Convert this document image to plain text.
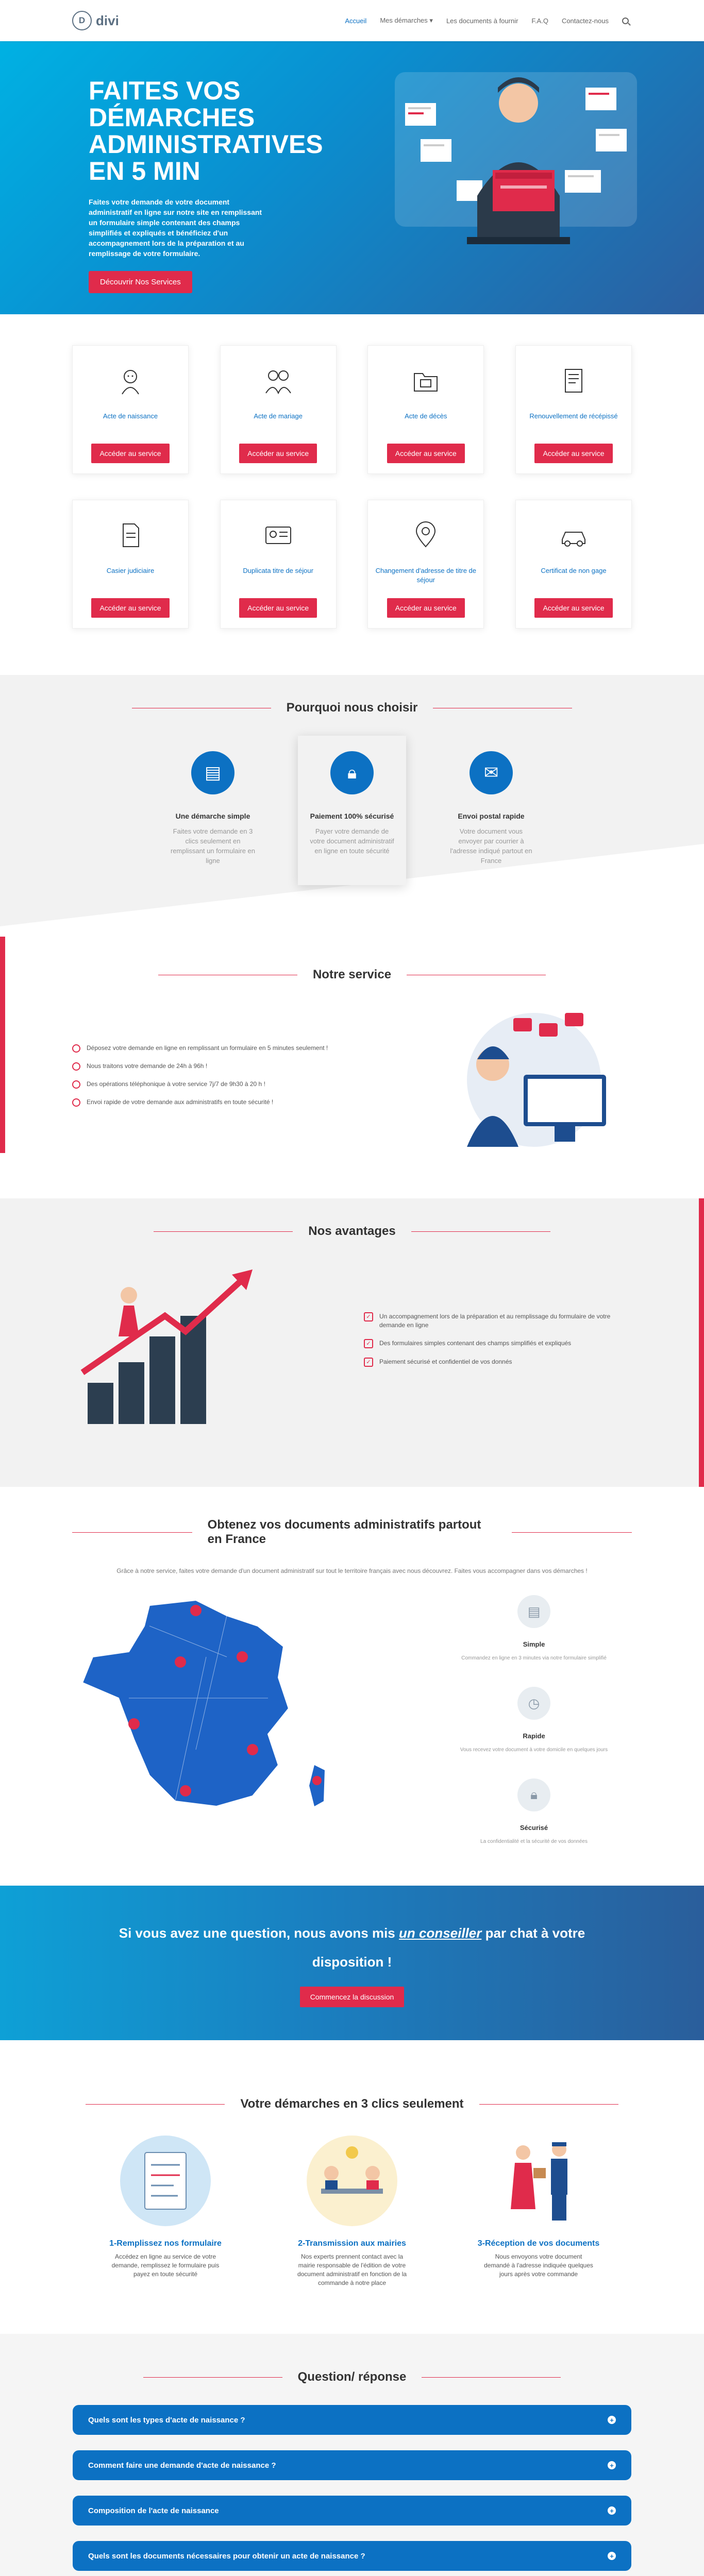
D divi	Accueil Mes démarches ▾ Les documents à fournir F.A.Q Contactez-nous
FAITES VOS DÉMARCHES ADMINISTRATIVES EN 5 MIN

Faites votre demande de votre document administratif en ligne sur notre site en remplissant un formulaire simple contenant des champs simplifiés et expliqués et bénéficiez d'un accompagnement lors de la préparation et au remplissage de votre formulaire.

Découvrir Nos Services
Acte de naissance
Accéder au service
Acte de mariage
Accéder au service
Acte de décès
Accéder au service
Renouvellement de récépissé
Accéder au service
Casier judiciaire
Accéder au service
Duplicata titre de séjour
Accéder au service
Changement d'adresse de titre de séjour
Accéder au service
Certificat de non gage
Accéder au service
Pourquoi nous choisir
▤
Une démarche simple

Faites votre demande en 3 clics seulement en remplissant un formulaire en ligne

🔒︎
Paiement 100% sécurisé

Payer votre demande de votre document administratif en ligne en toute sécurité

✉
Envoi postal rapide

Votre document vous envoyer par courrier à l'adresse indiqué partout en France

Notre service
Déposez votre demande en ligne en remplissant un formulaire en 5 minutes seulement !
Nous traitons votre demande de 24h à 96h !
Des opérations téléphonique à votre service 7j/7 de 9h30 à 20 h !
Envoi rapide de votre demande aux administratifs en toute sécurité !
Nos avantages
✓	Un accompagnement lors de la préparation et au remplissage du formulaire de votre demande en ligne
✓	Des formulaires simples contenant des champs simplifiés et expliqués
✓	Paiement sécurisé et confidentiel de vos donnés
Obtenez vos documents administratifs partout en France

Grâce à notre service, faites votre demande d'un document administratif sur tout le territoire français avec nous découvrez. Faites vous accompagner dans vos démarches !

▤
Simple

Commandez en ligne en 3 minutes via notre formulaire simplifié

◷
Rapide

Vous recevez votre document à votre domicile en quelques jours

🔒︎
Sécurisé

La confidentialité et la sécurité de vos données

Si vous avez une question, nous avons mis un conseiller par chat à votre disposition !
Commencez la discussion
Votre démarches en 3 clics seulement
1-Remplissez nos formulaire

Accédez en ligne au service de votre demande, remplissez le formulaire puis payez en toute sécurité

2-Transmission aux mairies

Nos experts prennent contact avec la mairie responsable de l'édition de votre document administratif en fonction de la commande à notre place

3-Réception de vos documents

Nous envoyons votre document demandé à l'adresse indiquée quelques jours après votre commande

Question/ réponse
Quels sont les types d'acte de naissance ?	+
Comment faire une demande d'acte de naissance ?	+
Composition de l'acte de naissance	+
Quels sont les documents nécessaires pour obtenir un acte de naissance ?	+
